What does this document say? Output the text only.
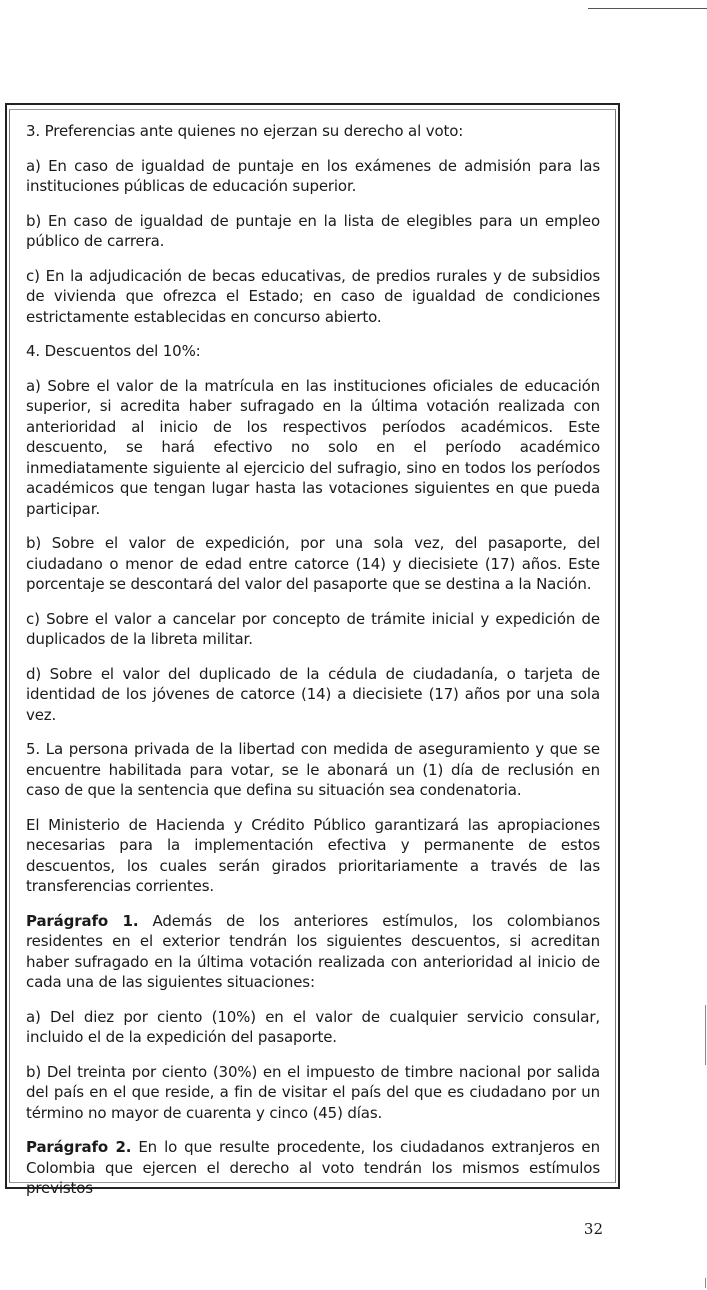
3. Preferencias ante quienes no ejerzan su derecho al voto:

a) En caso de igualdad de puntaje en los exámenes de admisión para las instituciones públicas de educación superior.

b) En caso de igualdad de puntaje en la lista de elegibles para un empleo público de carrera.

c) En la adjudicación de becas educativas, de predios rurales y de subsidios de vivienda que ofrezca el Estado; en caso de igualdad de condiciones estrictamente establecidas en concurso abierto.

4. Descuentos del 10%:

a) Sobre el valor de la matrícula en las instituciones oficiales de educación superior, si acredita haber sufragado en la última votación realizada con anterioridad al inicio de los respectivos períodos académicos. Este descuento, se hará efectivo no solo en el período académico inmediatamente siguiente al ejercicio del sufragio, sino en todos los períodos académicos que tengan lugar hasta las votaciones siguientes en que pueda participar.

b) Sobre el valor de expedición, por una sola vez, del pasaporte, del ciudadano o menor de edad entre catorce (14) y diecisiete (17) años. Este porcentaje se descontará del valor del pasaporte que se destina a la Nación.

c) Sobre el valor a cancelar por concepto de trámite inicial y expedición de duplicados de la libreta militar.

d) Sobre el valor del duplicado de la cédula de ciudadanía, o tarjeta de identidad de los jóvenes de catorce (14) a diecisiete (17) años por una sola vez.

5. La persona privada de la libertad con medida de aseguramiento y que se encuentre habilitada para votar, se le abonará un (1) día de reclusión en caso de que la sentencia que defina su situación sea condenatoria.

El Ministerio de Hacienda y Crédito Público garantizará las apropiaciones necesarias para la implementación efectiva y permanente de estos descuentos, los cuales serán girados prioritariamente a través de las transferencias corrientes.

Parágrafo 1. Además de los anteriores estímulos, los colombianos residentes en el exterior tendrán los siguientes descuentos, si acreditan haber sufragado en la última votación realizada con anterioridad al inicio de cada una de las siguientes situaciones:

a) Del diez por ciento (10%) en el valor de cualquier servicio consular, incluido el de la expedición del pasaporte.

b) Del treinta por ciento (30%) en el impuesto de timbre nacional por salida del país en el que reside, a fin de visitar el país del que es ciudadano por un término no mayor de cuarenta y cinco (45) días.

Parágrafo 2. En lo que resulte procedente, los ciudadanos extranjeros en Colombia que ejercen el derecho al voto tendrán los mismos estímulos previstos

32
